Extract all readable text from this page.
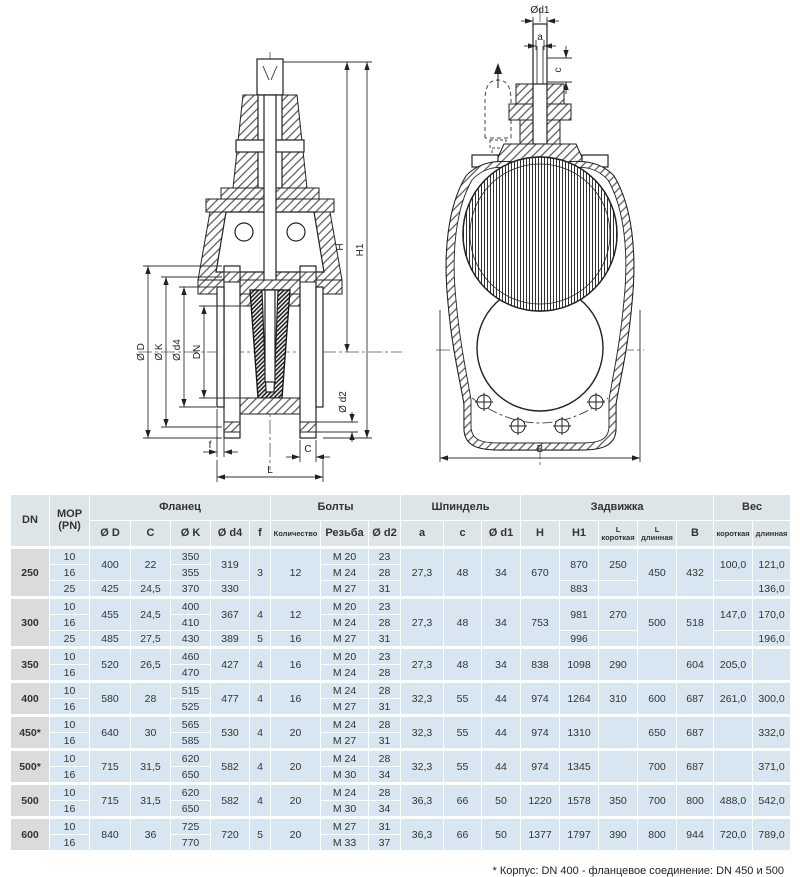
Ø D Ø K Ø d4 DN
H H1
Ø d2
f	C
L
Ød1
a
c
B
DN	МОР (PN)	Фланец					Болты			Шпиндель			Задвижка					Вес	
		Ø D	C	Ø K	Ø d4	f	Количество	Резьба	Ø d2	a	c	Ø d1	H	H1	L короткая	L длинная	B	короткая	длинная
250	10	400	22	350	319	3	12	M 20	23	27,3	48	34	670	870	250	450	432	100,0	121,0
	16			355				M 24	28										
	25	425	24,5	370	330			M 27	31					883					136,0
300	10	455	24,5	400	367	4	12	M 20	23	27,3	48	34	753	981	270	500	518	147,0	170,0
	16			410				M 24	28										
	25	485	27,5	430	389	5	16	M 27	31					996					196,0
350	10	520	26,5	460	427	4	16	M 20	23	27,3	48	34	838	1098	290		604	205,0	
	16			470				M 24	28										
400	10	580	28	515	477	4	16	M 24	28	32,3	55	44	974	1264	310	600	687	261,0	300,0
	16			525				M 27	31										
450*	10	640	30	565	530	4	20	M 24	28	32,3	55	44	974	1310		650	687		332,0
	16			585				M 27	31										
500*	10	715	31,5	620	582	4	20	M 24	28	32,3	55	44	974	1345		700	687		371,0
	16			650				M 30	34										
500	10	715	31,5	620	582	4	20	M 24	28	36,3	66	50	1220	1578	350	700	800	488,0	542,0
	16			650				M 30	34										
600	10	840	36	725	720	5	20	M 27	31	36,3	66	50	1377	1797	390	800	944	720,0	789,0
	16			770				M 33	37										
* Корпус: DN 400 - фланцевое соединение: DN 450 и 500
